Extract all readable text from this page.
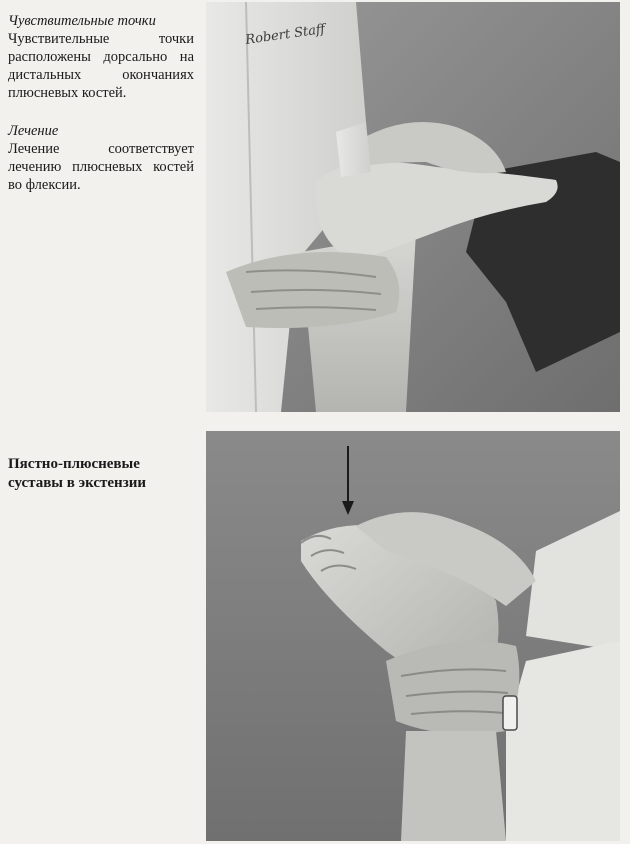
Чувствительные точки

Чувствительные точки расположены дорсально на дистальных окончаниях плюсневых костей.

Лечение

Лечение соответствует лечению плюсневых костей во флексии.

Пястно-плюсневые суставы в экстензии

Robert Staff
